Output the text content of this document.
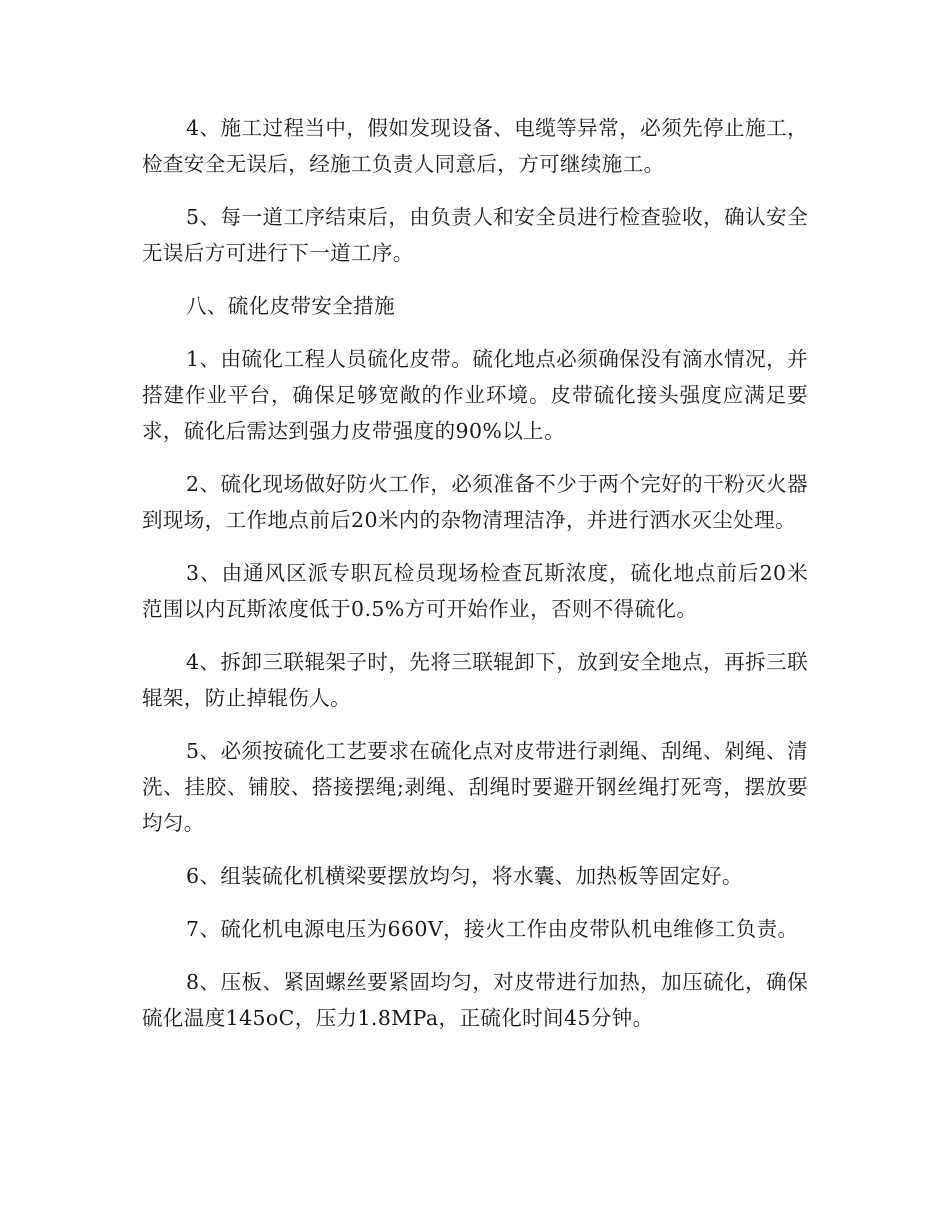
4、施工过程当中，假如发现设备、电缆等异常，必须先停止施工，检查安全无误后，经施工负责人同意后，方可继续施工。

5、每一道工序结束后，由负责人和安全员进行检查验收，确认安全无误后方可进行下一道工序。

八、硫化皮带安全措施

1、由硫化工程人员硫化皮带。硫化地点必须确保没有滴水情况，并搭建作业平台，确保足够宽敞的作业环境。皮带硫化接头强度应满足要求，硫化后需达到强力皮带强度的90%以上。

2、硫化现场做好防火工作，必须准备不少于两个完好的干粉灭火器到现场，工作地点前后20米内的杂物清理洁净，并进行洒水灭尘处理。

3、由通风区派专职瓦检员现场检查瓦斯浓度，硫化地点前后20米范围以内瓦斯浓度低于0.5%方可开始作业，否则不得硫化。

4、拆卸三联辊架子时，先将三联辊卸下，放到安全地点，再拆三联辊架，防止掉辊伤人。

5、必须按硫化工艺要求在硫化点对皮带进行剥绳、刮绳、剁绳、清洗、挂胶、铺胶、搭接摆绳;剥绳、刮绳时要避开钢丝绳打死弯，摆放要均匀。

6、组装硫化机横梁要摆放均匀，将水囊、加热板等固定好。

7、硫化机电源电压为660V，接火工作由皮带队机电维修工负责。

8、压板、紧固螺丝要紧固均匀，对皮带进行加热，加压硫化，确保硫化温度145oC，压力1.8MPa，正硫化时间45分钟。
